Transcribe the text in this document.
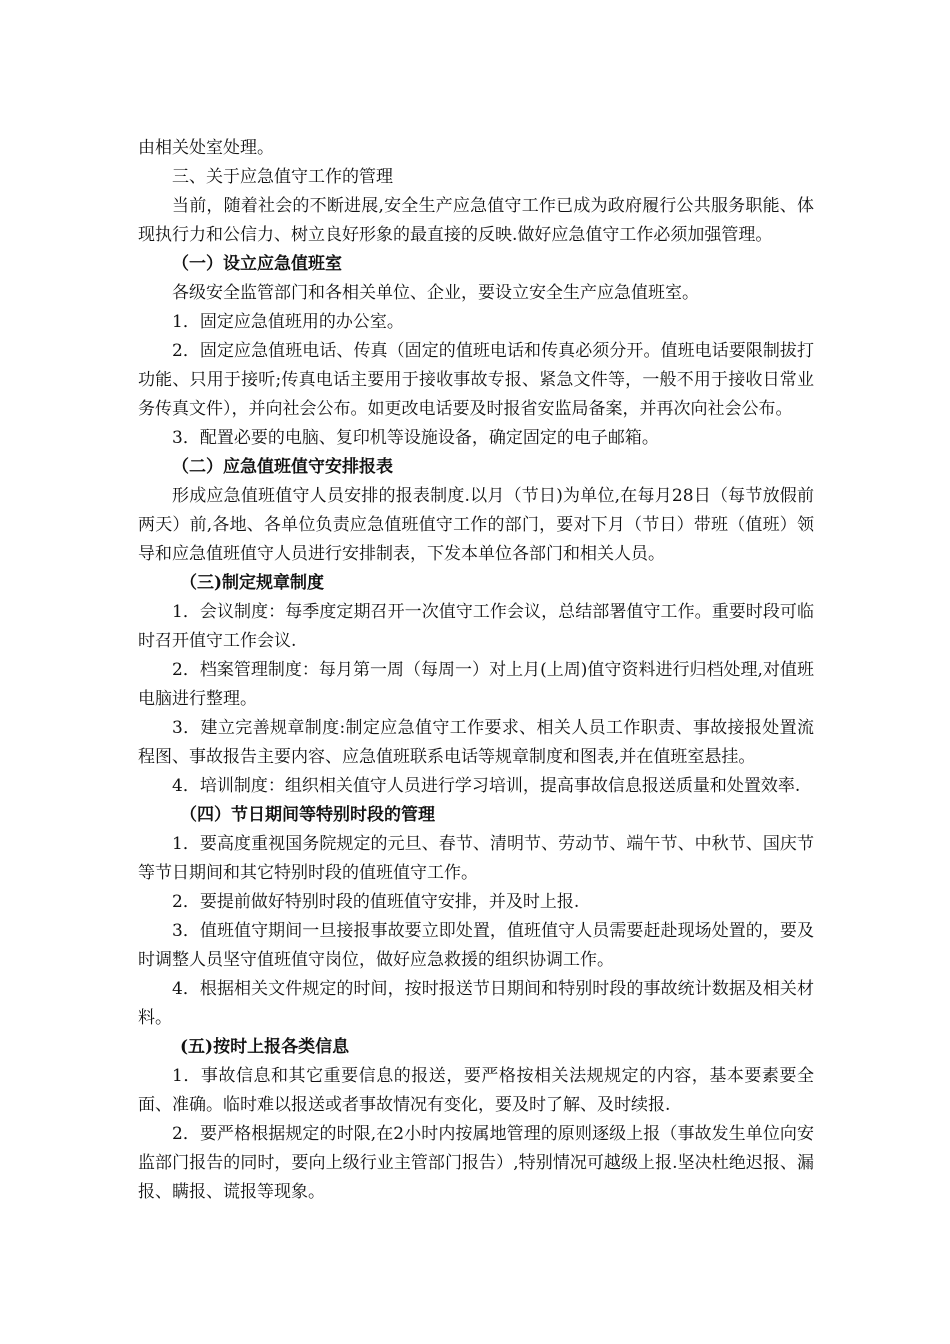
由相关处室处理。

三、关于应急值守工作的管理

当前，随着社会的不断进展,安全生产应急值守工作已成为政府履行公共服务职能、体现执行力和公信力、树立良好形象的最直接的反映.做好应急值守工作必须加强管理。

（一）设立应急值班室

各级安全监管部门和各相关单位、企业，要设立安全生产应急值班室。

1．固定应急值班用的办公室。

2．固定应急值班电话、传真（固定的值班电话和传真必须分开。值班电话要限制拔打功能、只用于接听;传真电话主要用于接收事故专报、紧急文件等，一般不用于接收日常业务传真文件），并向社会公布。如更改电话要及时报省安监局备案，并再次向社会公布。

3．配置必要的电脑、复印机等设施设备，确定固定的电子邮箱。

（二）应急值班值守安排报表

形成应急值班值守人员安排的报表制度.以月（节日)为单位,在每月28日（每节放假前两天）前,各地、各单位负责应急值班值守工作的部门，要对下月（节日）带班（值班）领导和应急值班值守人员进行安排制表，下发本单位各部门和相关人员。

（三)制定规章制度

1．会议制度：每季度定期召开一次值守工作会议，总结部署值守工作。重要时段可临时召开值守工作会议.

2．档案管理制度：每月第一周（每周一）对上月(上周)值守资料进行归档处理,对值班电脑进行整理。

3．建立完善规章制度:制定应急值守工作要求、相关人员工作职责、事故接报处置流程图、事故报告主要内容、应急值班联系电话等规章制度和图表,并在值班室悬挂。

4．培训制度：组织相关值守人员进行学习培训，提高事故信息报送质量和处置效率.

（四）节日期间等特别时段的管理

1．要高度重视国务院规定的元旦、春节、清明节、劳动节、端午节、中秋节、国庆节等节日期间和其它特别时段的值班值守工作。

2．要提前做好特别时段的值班值守安排，并及时上报.

3．值班值守期间一旦接报事故要立即处置，值班值守人员需要赶赴现场处置的，要及时调整人员坚守值班值守岗位，做好应急救援的组织协调工作。

4．根据相关文件规定的时间，按时报送节日期间和特别时段的事故统计数据及相关材料。

(五)按时上报各类信息

1．事故信息和其它重要信息的报送，要严格按相关法规规定的内容，基本要素要全面、准确。临时难以报送或者事故情况有变化，要及时了解、及时续报.

2．要严格根据规定的时限,在2小时内按属地管理的原则逐级上报（事故发生单位向安监部门报告的同时，要向上级行业主管部门报告）,特别情况可越级上报.坚决杜绝迟报、漏报、瞒报、谎报等现象。
